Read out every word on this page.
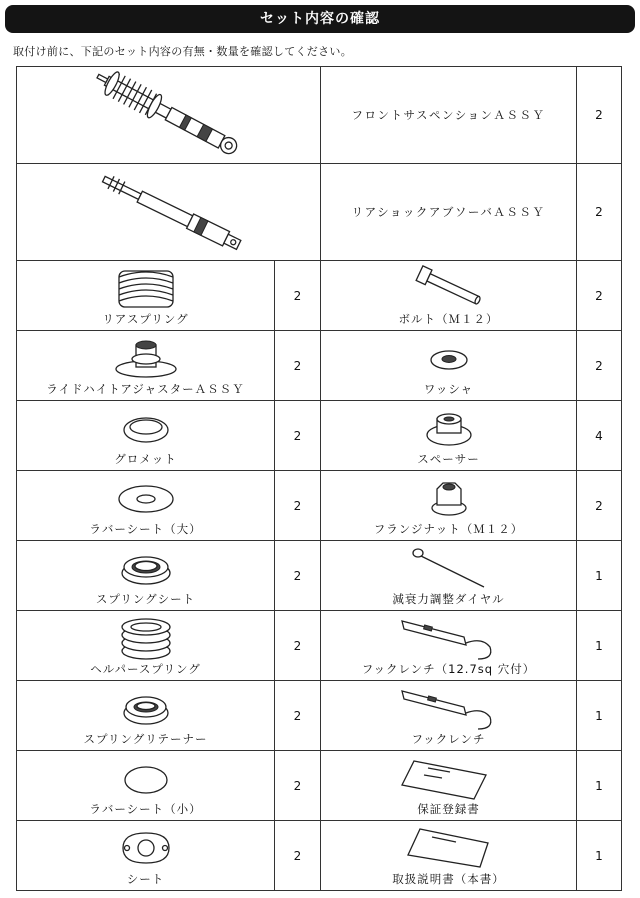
セット内容の確認
取付け前に、下記のセット内容の有無・数量を確認してください。
	フロントサスペンションＡＳＳＹ	2

	リアショックアブソーバＡＳＳＹ	2

リアスプリング	2	ボルト（Ｍ１２）	2

ライドハイトアジャスターＡＳＳＹ	2	ワッシャ	2

グロメット	2	スペーサー	4

ラバーシート（大）	2	フランジナット（Ｍ１２）	2

スプリングシート	2	減衰力調整ダイヤル	1

ヘルパースプリング	2	フックレンチ（12.7sq 穴付）	1

スプリングリテーナー	2	フックレンチ	1

ラバーシート（小）	2	保証登録書	1

シート	2	取扱説明書（本書）	1
